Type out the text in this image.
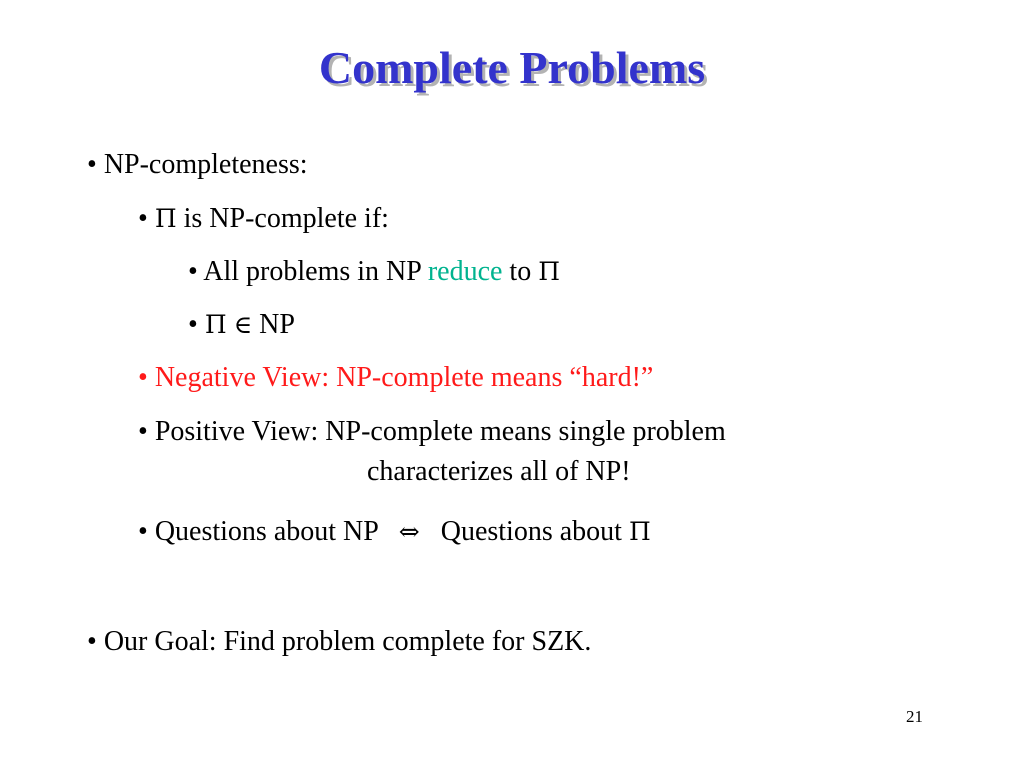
Complete Problems
• NP-completeness:
• Π is NP-complete if:
• All problems in NP reduce to Π
• Π ∈ NP
• Negative View: NP-complete means “hard!”
• Positive View: NP-complete means single problem
characterizes all of NP!
• Questions about NP ⇔ Questions about Π
• Our Goal: Find problem complete for SZK.
21
